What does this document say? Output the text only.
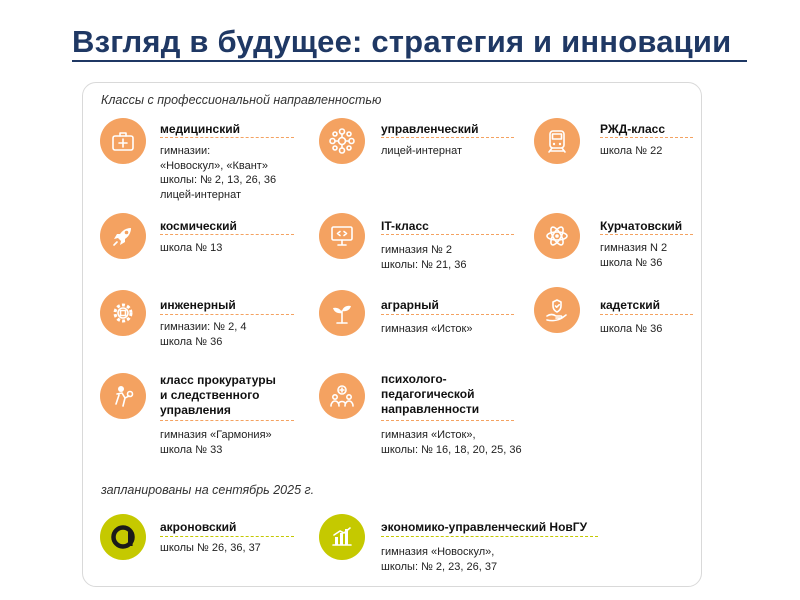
Взгляд в будущее: стратегия и инновации
Классы с профессиональной направленностью
запланированы на сентябрь 2025 г.
медицинский
гимназии:
«Новоскул», «Квант»
школы: № 2, 13, 26, 36
лицей-интернат
управленческий
лицей-интернат
РЖД-класс
школа № 22
космический
школа № 13
IT-класс
гимназия № 2
школы: № 21, 36
Курчатовский
гимназия N 2
школа № 36
инженерный
гимназии: № 2, 4
школа № 36
аграрный
гимназия «Исток»
кадетский
школа № 36
класс прокуратуры
и следственного
управления
гимназия «Гармония»
школа № 33
психолого-
педагогической
направленности
гимназия «Исток»,
школы: № 16, 18, 20, 25, 36
акроновский
школы № 26, 36, 37
экономико-управленческий НовГУ
гимназия «Новоскул»,
школы: № 2, 23, 26, 37
